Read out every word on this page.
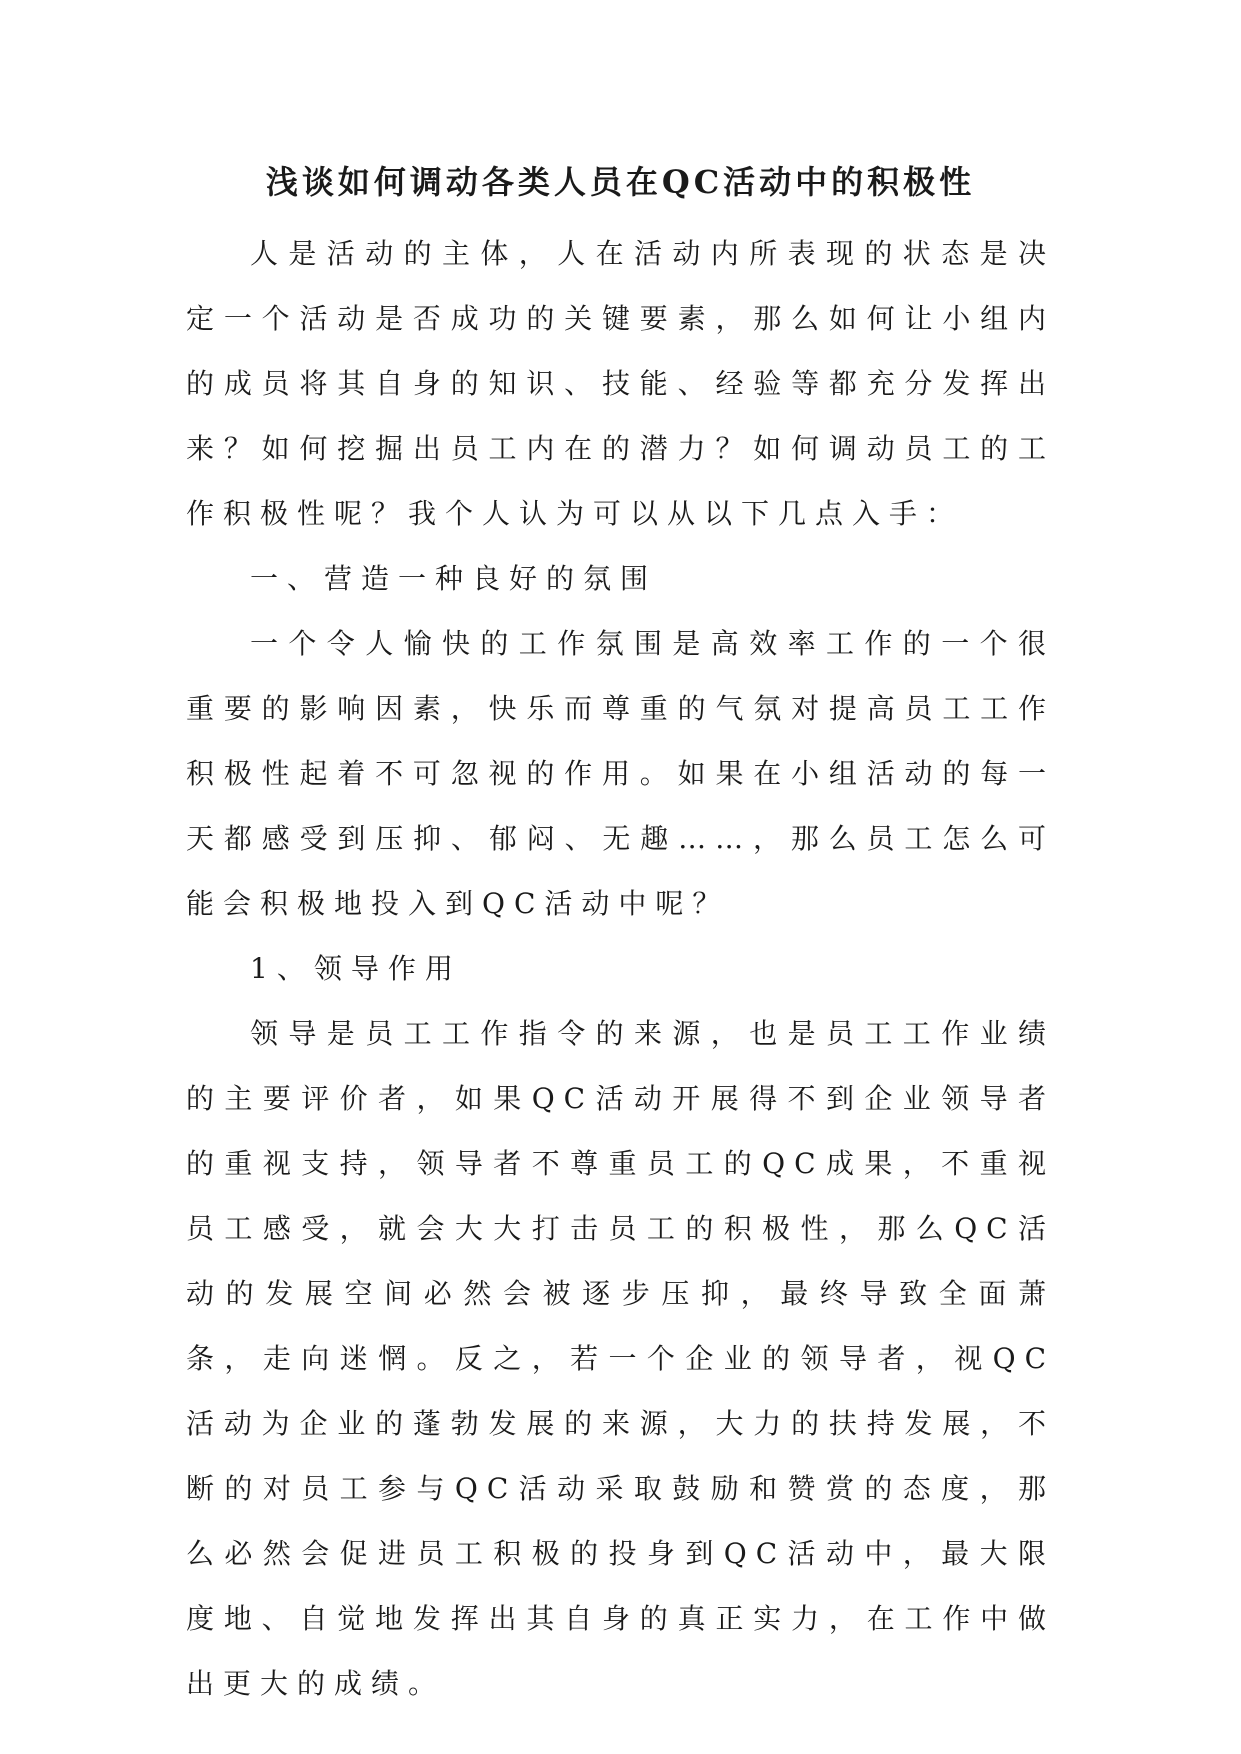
浅谈如何调动各类人员在QC活动中的积极性

人是活动的主体，人在活动内所表现的状态是决定一个活动是否成功的关键要素，那么如何让小组内的成员将其自身的知识、技能、经验等都充分发挥出来？如何挖掘出员工内在的潜力？如何调动员工的工作积极性呢？我个人认为可以从以下几点入手：

一、营造一种良好的氛围

一个令人愉快的工作氛围是高效率工作的一个很重要的影响因素，快乐而尊重的气氛对提高员工工作积极性起着不可忽视的作用。如果在小组活动的每一天都感受到压抑、郁闷、无趣……，那么员工怎么可能会积极地投入到QC活动中呢？

1、领导作用

领导是员工工作指令的来源，也是员工工作业绩的主要评价者，如果QC活动开展得不到企业领导者的重视支持，领导者不尊重员工的QC成果，不重视员工感受，就会大大打击员工的积极性，那么QC活动的发展空间必然会被逐步压抑，最终导致全面萧条，走向迷惘。反之，若一个企业的领导者，视QC活动为企业的蓬勃发展的来源，大力的扶持发展，不断的对员工参与QC活动采取鼓励和赞赏的态度，那么必然会促进员工积极的投身到QC活动中，最大限度地、自觉地发挥出其自身的真正实力，在工作中做出更大的成绩。
